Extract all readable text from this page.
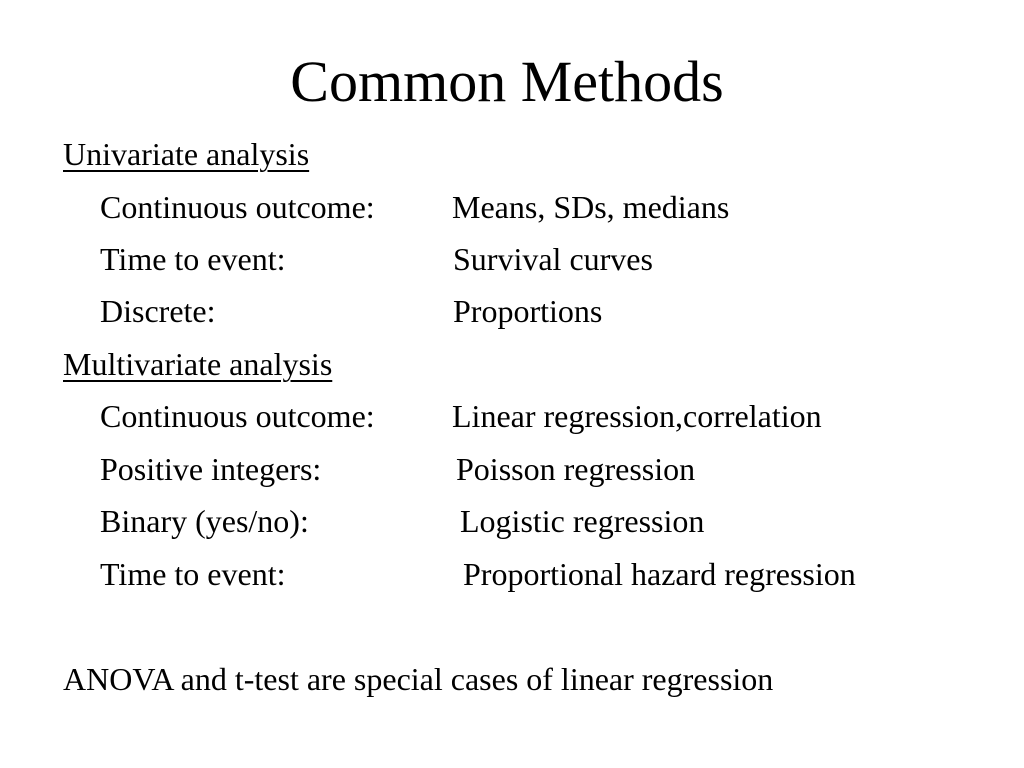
Common Methods
Univariate analysis
Continuous outcome: Means, SDs, medians
Time to event:	Survival curves
Discrete:	Proportions
Multivariate analysis
Continuous outcome: Linear regression,correlation
Positive integers:	Poisson regression
Binary (yes/no):	Logistic regression
Time to event:	Proportional hazard regression
ANOVA and t-test are special cases of linear regression
